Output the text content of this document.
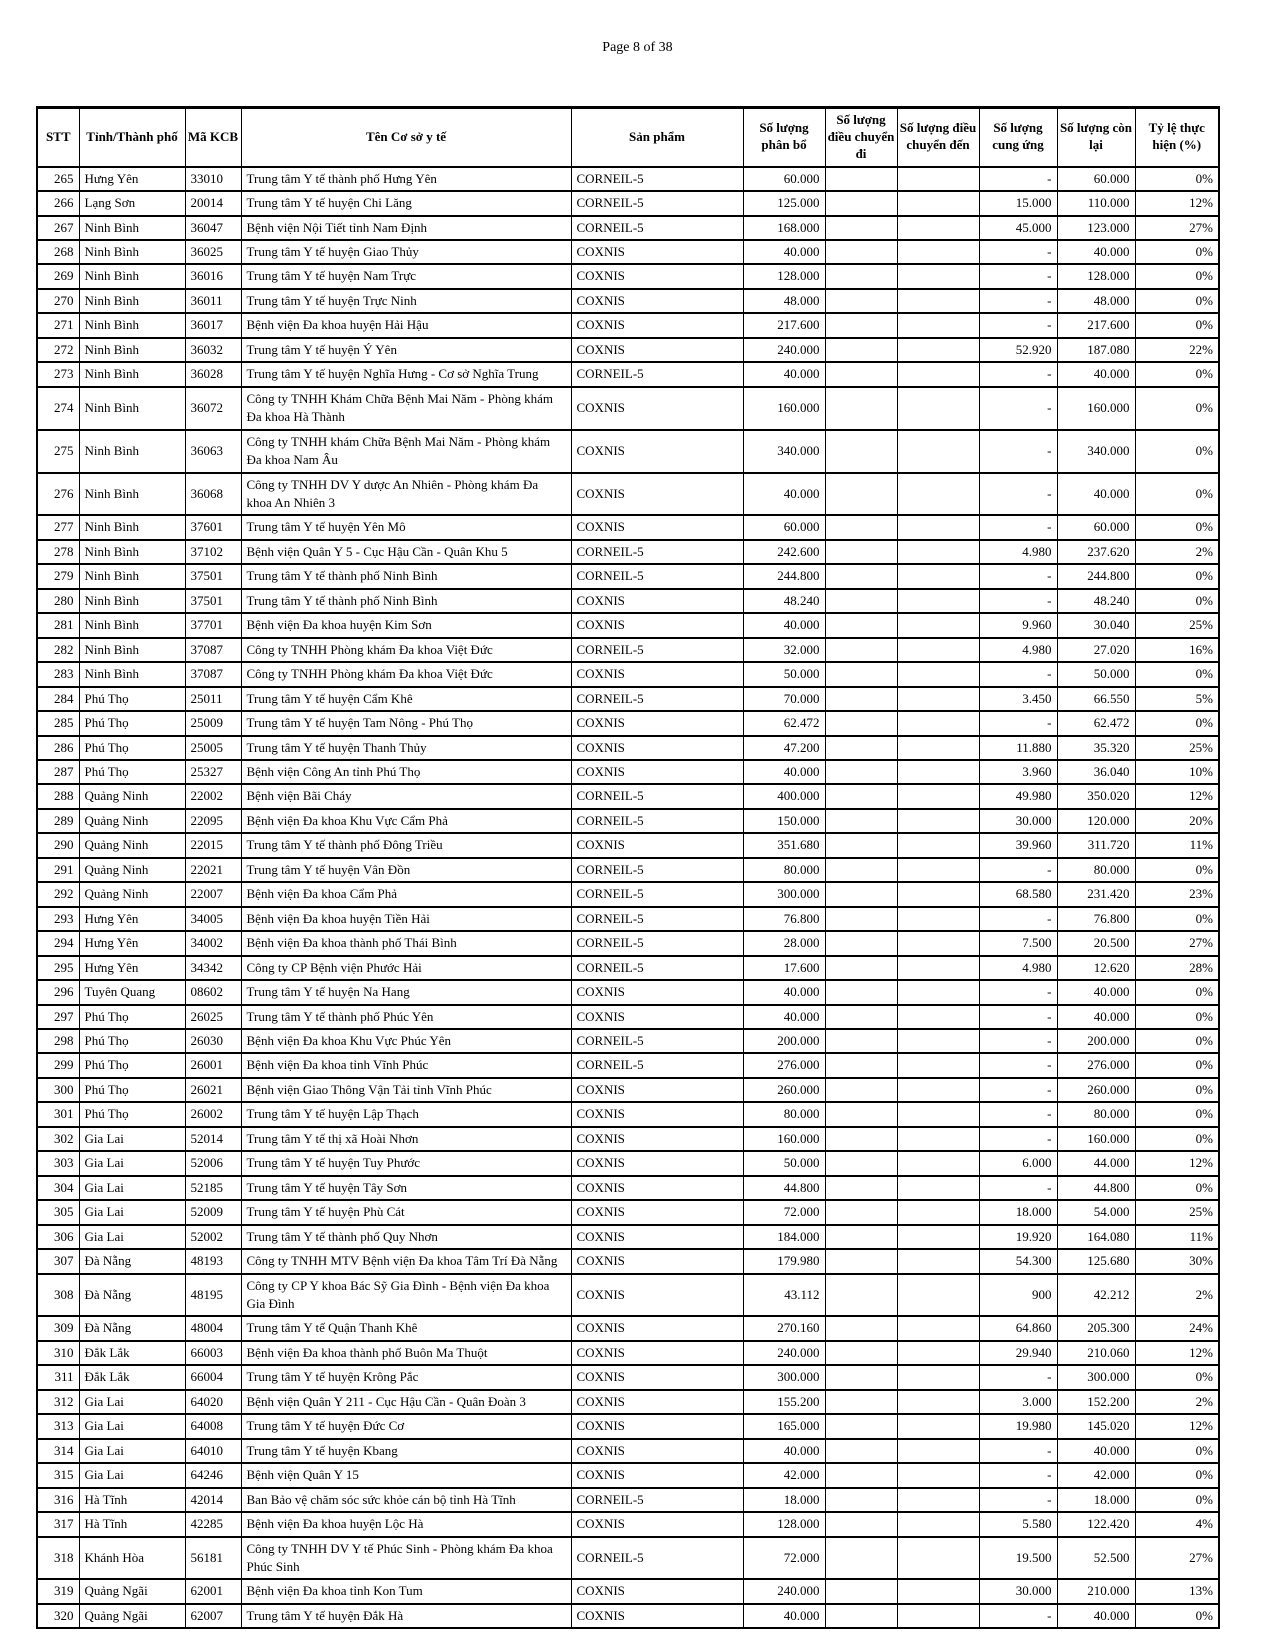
Page 8 of 38
STT	Tỉnh/Thành phố	Mã KCB	Tên Cơ sở y tế	Sản phẩm	Số lượng phân bổ	Số lượng điều chuyển đi	Số lượng điều chuyển đến	Số lượng cung ứng	Số lượng còn lại	Tỷ lệ thực hiện (%)
265	Hưng Yên	33010	Trung tâm Y tế thành phố Hưng Yên	CORNEIL-5	60.000			-	60.000	0%
266	Lạng Sơn	20014	Trung tâm Y tế huyện Chi Lăng	CORNEIL-5	125.000			15.000	110.000	12%
267	Ninh Bình	36047	Bệnh viện Nội Tiết tỉnh Nam Định	CORNEIL-5	168.000			45.000	123.000	27%
268	Ninh Bình	36025	Trung tâm Y tế huyện Giao Thủy	COXNIS	40.000			-	40.000	0%
269	Ninh Bình	36016	Trung tâm Y tế huyện Nam Trực	COXNIS	128.000			-	128.000	0%
270	Ninh Bình	36011	Trung tâm Y tế huyện Trực Ninh	COXNIS	48.000			-	48.000	0%
271	Ninh Bình	36017	Bệnh viện Đa khoa huyện Hải Hậu	COXNIS	217.600			-	217.600	0%
272	Ninh Bình	36032	Trung tâm Y tế huyện Ý Yên	COXNIS	240.000			52.920	187.080	22%
273	Ninh Bình	36028	Trung tâm Y tế huyện Nghĩa Hưng - Cơ sở Nghĩa Trung	CORNEIL-5	40.000			-	40.000	0%
274	Ninh Bình	36072	Công ty TNHH Khám Chữa Bệnh Mai Năm - Phòng khám Đa khoa Hà Thành	COXNIS	160.000			-	160.000	0%
275	Ninh Bình	36063	Công ty TNHH khám Chữa Bệnh Mai Năm - Phòng khám Đa khoa Nam Âu	COXNIS	340.000			-	340.000	0%
276	Ninh Bình	36068	Công ty TNHH DV Y dược An Nhiên - Phòng khám Đa khoa An Nhiên 3	COXNIS	40.000			-	40.000	0%
277	Ninh Bình	37601	Trung tâm Y tế huyện Yên Mô	COXNIS	60.000			-	60.000	0%
278	Ninh Bình	37102	Bệnh viện Quân Y 5 - Cục Hậu Cần - Quân Khu 5	CORNEIL-5	242.600			4.980	237.620	2%
279	Ninh Bình	37501	Trung tâm Y tế thành phố Ninh Bình	CORNEIL-5	244.800			-	244.800	0%
280	Ninh Bình	37501	Trung tâm Y tế thành phố Ninh Bình	COXNIS	48.240			-	48.240	0%
281	Ninh Bình	37701	Bệnh viện Đa khoa huyện Kim Sơn	COXNIS	40.000			9.960	30.040	25%
282	Ninh Bình	37087	Công ty TNHH Phòng khám Đa khoa Việt Đức	CORNEIL-5	32.000			4.980	27.020	16%
283	Ninh Bình	37087	Công ty TNHH Phòng khám Đa khoa Việt Đức	COXNIS	50.000			-	50.000	0%
284	Phú Thọ	25011	Trung tâm Y tế huyện Cẩm Khê	CORNEIL-5	70.000			3.450	66.550	5%
285	Phú Thọ	25009	Trung tâm Y tế huyện Tam Nông - Phú Thọ	COXNIS	62.472			-	62.472	0%
286	Phú Thọ	25005	Trung tâm Y tế huyện Thanh Thủy	COXNIS	47.200			11.880	35.320	25%
287	Phú Thọ	25327	Bệnh viện Công An tỉnh Phú Thọ	COXNIS	40.000			3.960	36.040	10%
288	Quảng Ninh	22002	Bệnh viện Bãi Cháy	CORNEIL-5	400.000			49.980	350.020	12%
289	Quảng Ninh	22095	Bệnh viện Đa khoa Khu Vực Cẩm Phả	CORNEIL-5	150.000			30.000	120.000	20%
290	Quảng Ninh	22015	Trung tâm Y tế thành phố Đông Triều	COXNIS	351.680			39.960	311.720	11%
291	Quảng Ninh	22021	Trung tâm Y tế huyện Vân Đồn	CORNEIL-5	80.000			-	80.000	0%
292	Quảng Ninh	22007	Bệnh viện Đa khoa Cẩm Phả	CORNEIL-5	300.000			68.580	231.420	23%
293	Hưng Yên	34005	Bệnh viện Đa khoa huyện Tiền Hải	CORNEIL-5	76.800			-	76.800	0%
294	Hưng Yên	34002	Bệnh viện Đa khoa thành phố Thái Bình	CORNEIL-5	28.000			7.500	20.500	27%
295	Hưng Yên	34342	Công ty CP Bệnh viện Phước Hải	CORNEIL-5	17.600			4.980	12.620	28%
296	Tuyên Quang	08602	Trung tâm Y tế huyện Na Hang	COXNIS	40.000			-	40.000	0%
297	Phú Thọ	26025	Trung tâm Y tế thành phố Phúc Yên	COXNIS	40.000			-	40.000	0%
298	Phú Thọ	26030	Bệnh viện Đa khoa Khu Vực Phúc Yên	CORNEIL-5	200.000			-	200.000	0%
299	Phú Thọ	26001	Bệnh viện Đa khoa tỉnh Vĩnh Phúc	CORNEIL-5	276.000			-	276.000	0%
300	Phú Thọ	26021	Bệnh viện Giao Thông Vận Tải tỉnh Vĩnh Phúc	COXNIS	260.000			-	260.000	0%
301	Phú Thọ	26002	Trung tâm Y tế huyện Lập Thạch	COXNIS	80.000			-	80.000	0%
302	Gia Lai	52014	Trung tâm Y tế thị xã Hoài Nhơn	COXNIS	160.000			-	160.000	0%
303	Gia Lai	52006	Trung tâm Y tế huyện Tuy Phước	COXNIS	50.000			6.000	44.000	12%
304	Gia Lai	52185	Trung tâm Y tế huyện Tây Sơn	COXNIS	44.800			-	44.800	0%
305	Gia Lai	52009	Trung tâm Y tế huyện Phù Cát	COXNIS	72.000			18.000	54.000	25%
306	Gia Lai	52002	Trung tâm Y tế thành phố Quy Nhơn	COXNIS	184.000			19.920	164.080	11%
307	Đà Nẵng	48193	Công ty TNHH MTV Bệnh viện Đa khoa Tâm Trí Đà Nẵng	COXNIS	179.980			54.300	125.680	30%
308	Đà Nẵng	48195	Công ty CP Y khoa Bác Sỹ Gia Đình - Bệnh viện Đa khoa Gia Đình	COXNIS	43.112			900	42.212	2%
309	Đà Nẵng	48004	Trung tâm Y tế Quận Thanh Khê	COXNIS	270.160			64.860	205.300	24%
310	Đắk Lắk	66003	Bệnh viện Đa khoa thành phố Buôn Ma Thuột	COXNIS	240.000			29.940	210.060	12%
311	Đắk Lắk	66004	Trung tâm Y tế huyện Krông Pắc	COXNIS	300.000			-	300.000	0%
312	Gia Lai	64020	Bệnh viện Quân Y 211 - Cục Hậu Cần - Quân Đoàn 3	COXNIS	155.200			3.000	152.200	2%
313	Gia Lai	64008	Trung tâm Y tế huyện Đức Cơ	COXNIS	165.000			19.980	145.020	12%
314	Gia Lai	64010	Trung tâm Y tế huyện Kbang	COXNIS	40.000			-	40.000	0%
315	Gia Lai	64246	Bệnh viện Quân Y 15	COXNIS	42.000			-	42.000	0%
316	Hà Tĩnh	42014	Ban Bảo vệ chăm sóc sức khỏe cán bộ tỉnh Hà Tĩnh	CORNEIL-5	18.000			-	18.000	0%
317	Hà Tĩnh	42285	Bệnh viện Đa khoa huyện Lộc Hà	COXNIS	128.000			5.580	122.420	4%
318	Khánh Hòa	56181	Công ty TNHH DV Y tế Phúc Sinh - Phòng khám Đa khoa Phúc Sinh	CORNEIL-5	72.000			19.500	52.500	27%
319	Quảng Ngãi	62001	Bệnh viện Đa khoa tỉnh Kon Tum	COXNIS	240.000			30.000	210.000	13%
320	Quảng Ngãi	62007	Trung tâm Y tế huyện Đắk Hà	COXNIS	40.000			-	40.000	0%
